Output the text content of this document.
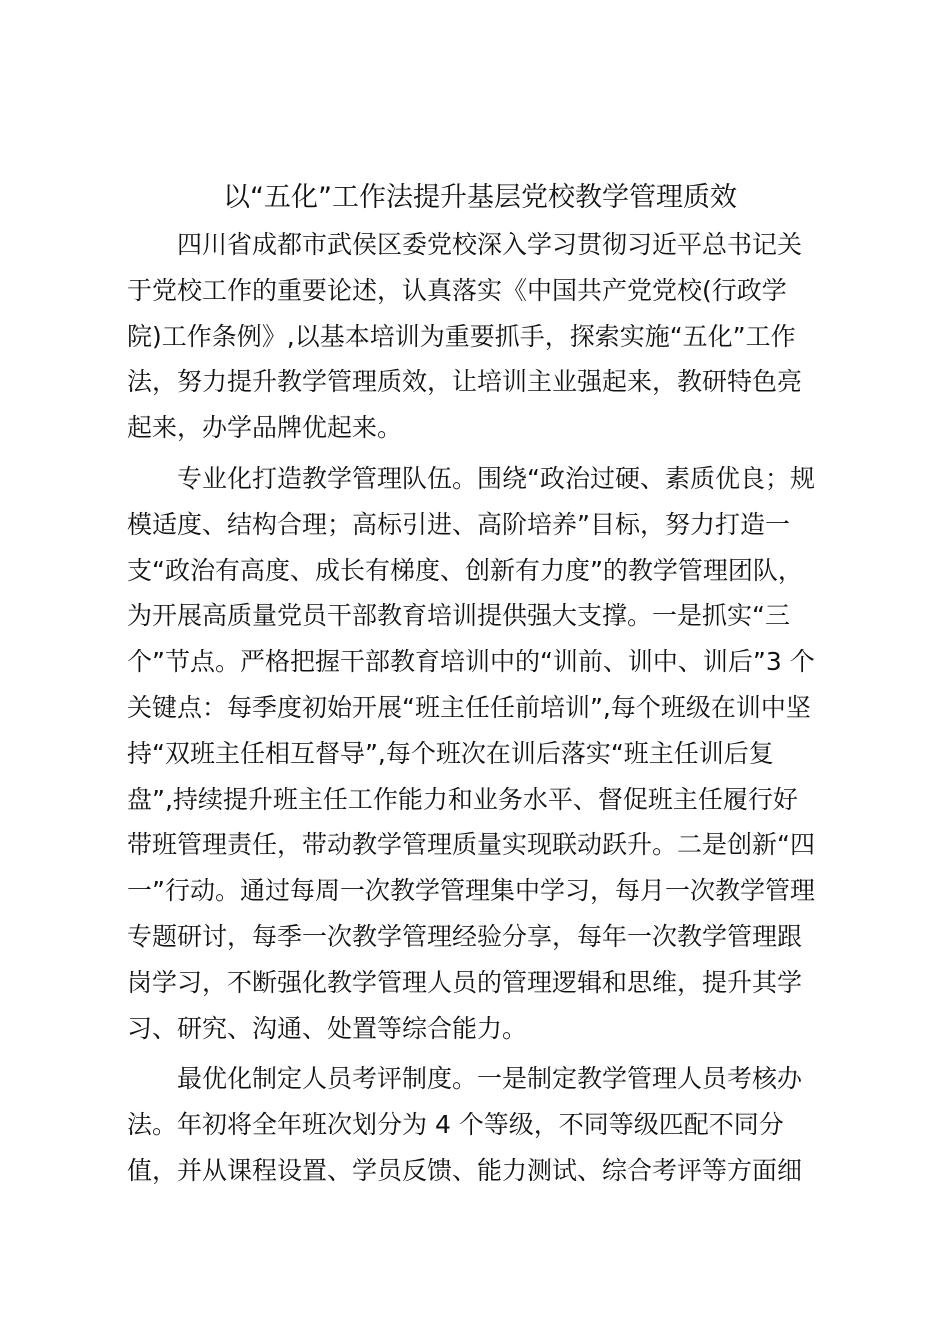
以“五化”工作法提升基层党校教学管理质效
四川省成都市武侯区委党校深入学习贯彻习近平总书记关
于党校工作的重要论述，认真落实《中国共产党党校(行政学
院)工作条例》,以基本培训为重要抓手，探索实施“五化”工作
法，努力提升教学管理质效，让培训主业强起来，教研特色亮
起来，办学品牌优起来。
专业化打造教学管理队伍。围绕“政治过硬、素质优良；规
模适度、结构合理；高标引进、高阶培养”目标，努力打造一
支“政治有高度、成长有梯度、创新有力度”的教学管理团队，
为开展高质量党员干部教育培训提供强大支撑。一是抓实“三
个”节点。严格把握干部教育培训中的“训前、训中、训后”3 个
关键点：每季度初始开展“班主任任前培训”,每个班级在训中坚
持“双班主任相互督导”,每个班次在训后落实“班主任训后复
盘”,持续提升班主任工作能力和业务水平、督促班主任履行好
带班管理责任，带动教学管理质量实现联动跃升。二是创新“四
一”行动。通过每周一次教学管理集中学习，每月一次教学管理
专题研讨，每季一次教学管理经验分享，每年一次教学管理跟
岗学习，不断强化教学管理人员的管理逻辑和思维，提升其学
习、研究、沟通、处置等综合能力。
最优化制定人员考评制度。一是制定教学管理人员考核办
法。年初将全年班次划分为 4 个等级，不同等级匹配不同分
值，并从课程设置、学员反馈、能力测试、综合考评等方面细
